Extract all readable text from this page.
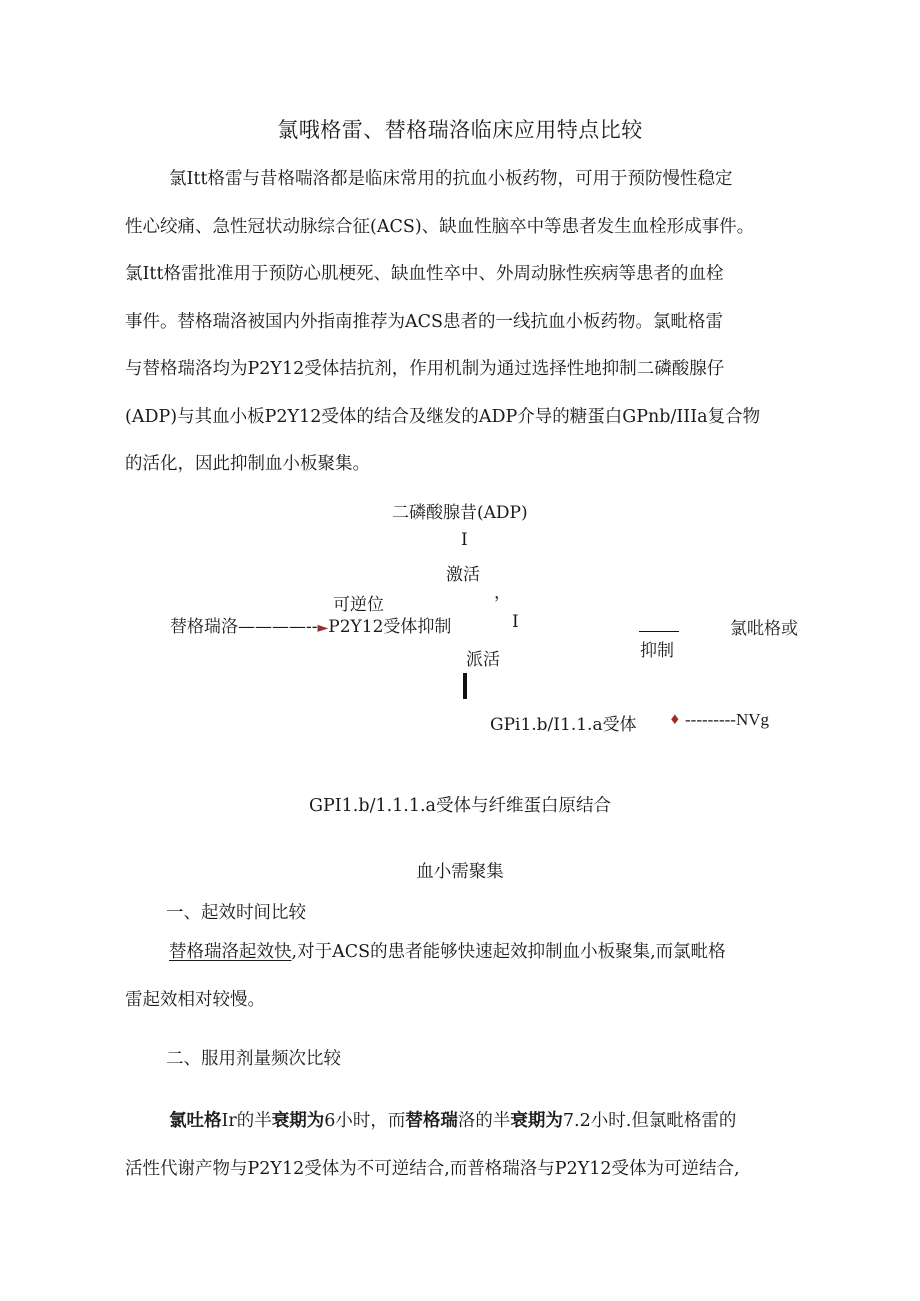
氯哦格雷、替格瑞洛临床应用特点比较
氯Itt格雷与昔格喘洛都是临床常用的抗血小板药物，可用于预防慢性稳定
性心绞痛、急性冠状动脉综合征(ACS)、缺血性脑卒中等患者发生血栓形成事件。
氯Itt格雷批准用于预防心肌梗死、缺血性卒中、外周动脉性疾病等患者的血栓
事件。替格瑞洛被国内外指南推荐为ACS患者的一线抗血小板药物。氯毗格雷
与替格瑞洛均为P2Y12受体拮抗剂，作用机制为通过选择性地抑制二磷酸腺仔
(ADP)与其血小板P2Y12受体的结合及继发的ADP介导的糖蛋白GPnb/IIIa复合物
的活化，因此抑制血小板聚集。
二磷酸腺昔(ADP)
I
激活
，
可逆位
替格瑞洛————--►P2Y12受体抑制	I
抑制
氯吡格或
派活
GPi1.b/I1.1.a受体 ♦ ---------NVg
GPI1.b/1.1.1.a受体与纤维蛋白原结合
血小需聚集
一、起效时间比较
替格瑞洛起效快,对于ACS的患者能够快速起效抑制血小板聚集,而氯毗格
雷起效相对较慢。
二、服用剂量频次比较
氯吐格Ir的半衰期为6小时，而替格瑞洛的半衰期为7.2小时.但氯毗格雷的
活性代谢产物与P2Y12受体为不可逆结合,而普格瑞洛与P2Y12受体为可逆结合,
